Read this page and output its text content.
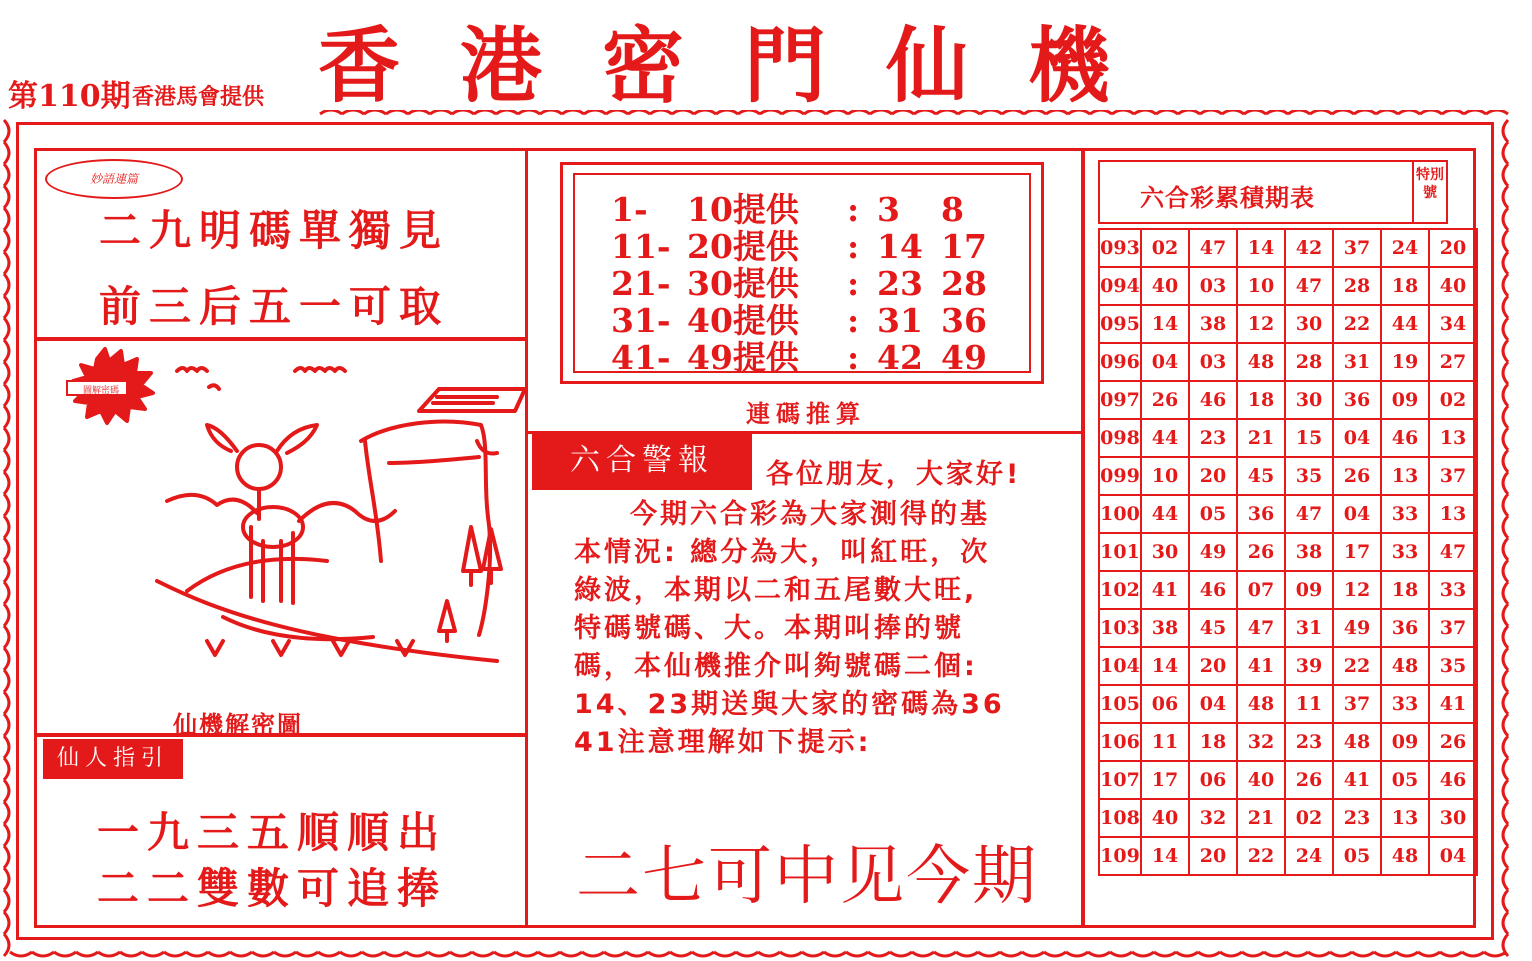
第110期 香港馬會提供 香港密門仙機
妙語連篇
二九明碼單獨見
前三后五一可取
圖解密碼
仙機解密圖
仙人指引
一九三五順順出
二二雙數可追捧
1- 10提供 : 3 8
11- 20提供 : 14 17
21- 30提供 : 23 28
31- 40提供 : 31 36
41- 49提供 : 42 49
連碼推算
六合警報	各位朋友，大家好!
今期六合彩為大家測得的基
本情況: 總分為大，叫紅旺，次
綠波，本期以二和五尾數大旺,
特碼號碼、大。本期叫捧的號
碼，本仙機推介叫夠號碼二個:
14、23期送與大家的密碼為36
41注意理解如下提示:
二七可中见今期
六合彩累積期表
特別號
093	02	47	14	42	37	24	20
094	40	03	10	47	28	18	40
095	14	38	12	30	22	44	34
096	04	03	48	28	31	19	27
097	26	46	18	30	36	09	02
098	44	23	21	15	04	46	13
099	10	20	45	35	26	13	37
100	44	05	36	47	04	33	13
101	30	49	26	38	17	33	47
102	41	46	07	09	12	18	33
103	38	45	47	31	49	36	37
104	14	20	41	39	22	48	35
105	06	04	48	11	37	33	41
106	11	18	32	23	48	09	26
107	17	06	40	26	41	05	46
108	40	32	21	02	23	13	30
109	14	20	22	24	05	48	04
